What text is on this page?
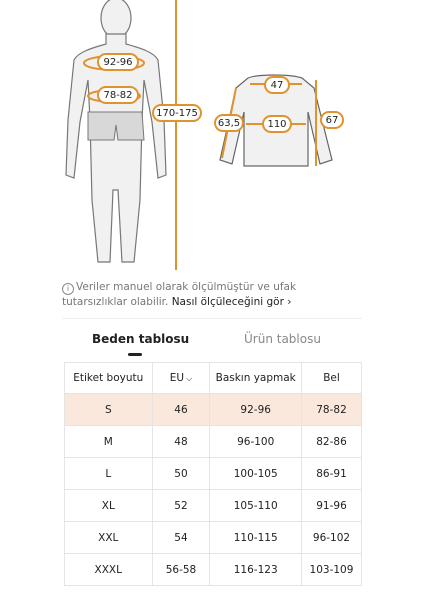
92-96
78-82
170-175
47
63,5	110	67
i Veriler manuel olarak ölçülmüştür ve ufak tutarsızlıklar olabilir. Nasıl ölçüleceğini gör ›
Beden tablosu	Ürün tablosu
Etiket boyutu	EU ⌵	Baskın yapmak	Bel
S	46	92-96	78-82
M	48	96-100	82-86
L	50	100-105	86-91
XL	52	105-110	91-96
XXL	54	110-115	96-102
XXXL	56-58	116-123	103-109
